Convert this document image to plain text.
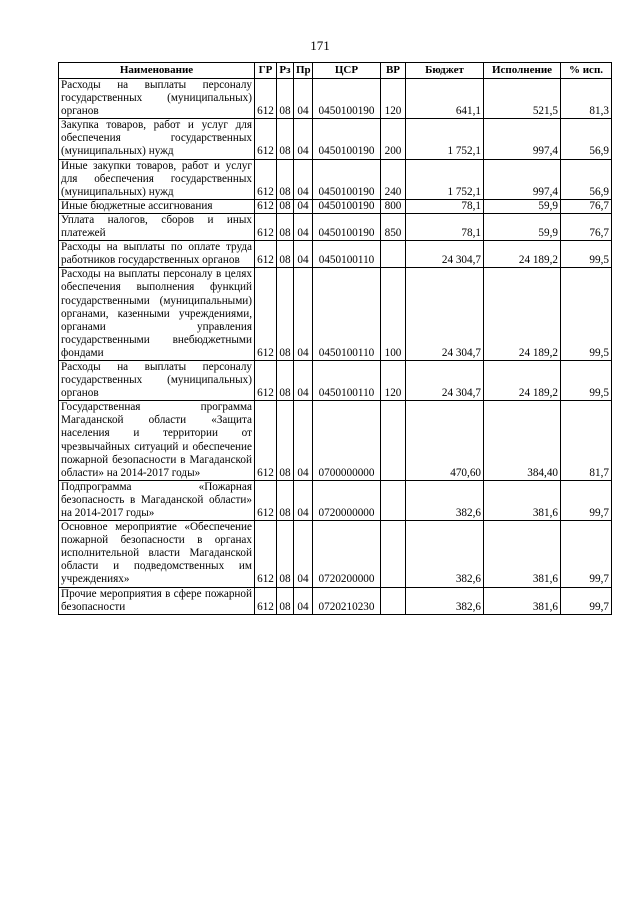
171
Наименование	ГР	Рз	Пр	ЦСР	ВР	Бюджет	Исполнение	% исп.
Расходы на выплаты персоналу государственных (муниципальных) органов	612	08	04	0450100190	120	641,1	521,5	81,3
Закупка товаров, работ и услуг для обеспечения государственных (муниципальных) нужд	612	08	04	0450100190	200	1 752,1	997,4	56,9
Иные закупки товаров, работ и услуг для обеспечения государственных (муниципальных) нужд	612	08	04	0450100190	240	1 752,1	997,4	56,9
Иные бюджетные ассигнования	612	08	04	0450100190	800	78,1	59,9	76,7
Уплата налогов, сборов и иных платежей	612	08	04	0450100190	850	78,1	59,9	76,7
Расходы на выплаты по оплате труда работников государственных органов	612	08	04	0450100110		24 304,7	24 189,2	99,5
Расходы на выплаты персоналу в целях обеспечения выполнения функций государственными (муниципальными) органами, казенными учреждениями, органами управления государственными внебюджетными фондами	612	08	04	0450100110	100	24 304,7	24 189,2	99,5
Расходы на выплаты персоналу государственных (муниципальных) органов	612	08	04	0450100110	120	24 304,7	24 189,2	99,5
Государственная программа Магаданской области «Защита населения и территории от чрезвычайных ситуаций и обеспечение пожарной безопасности в Магаданской области» на 2014-2017 годы»	612	08	04	0700000000		470,60	384,40	81,7
Подпрограмма «Пожарная безопасность в Магаданской области» на 2014-2017 годы»	612	08	04	0720000000		382,6	381,6	99,7
Основное мероприятие «Обеспечение пожарной безопасности в органах исполнительной власти Магаданской области и подведомственных им учреждениях»	612	08	04	0720200000		382,6	381,6	99,7
Прочие мероприятия в сфере пожарной безопасности	612	08	04	0720210230		382,6	381,6	99,7
